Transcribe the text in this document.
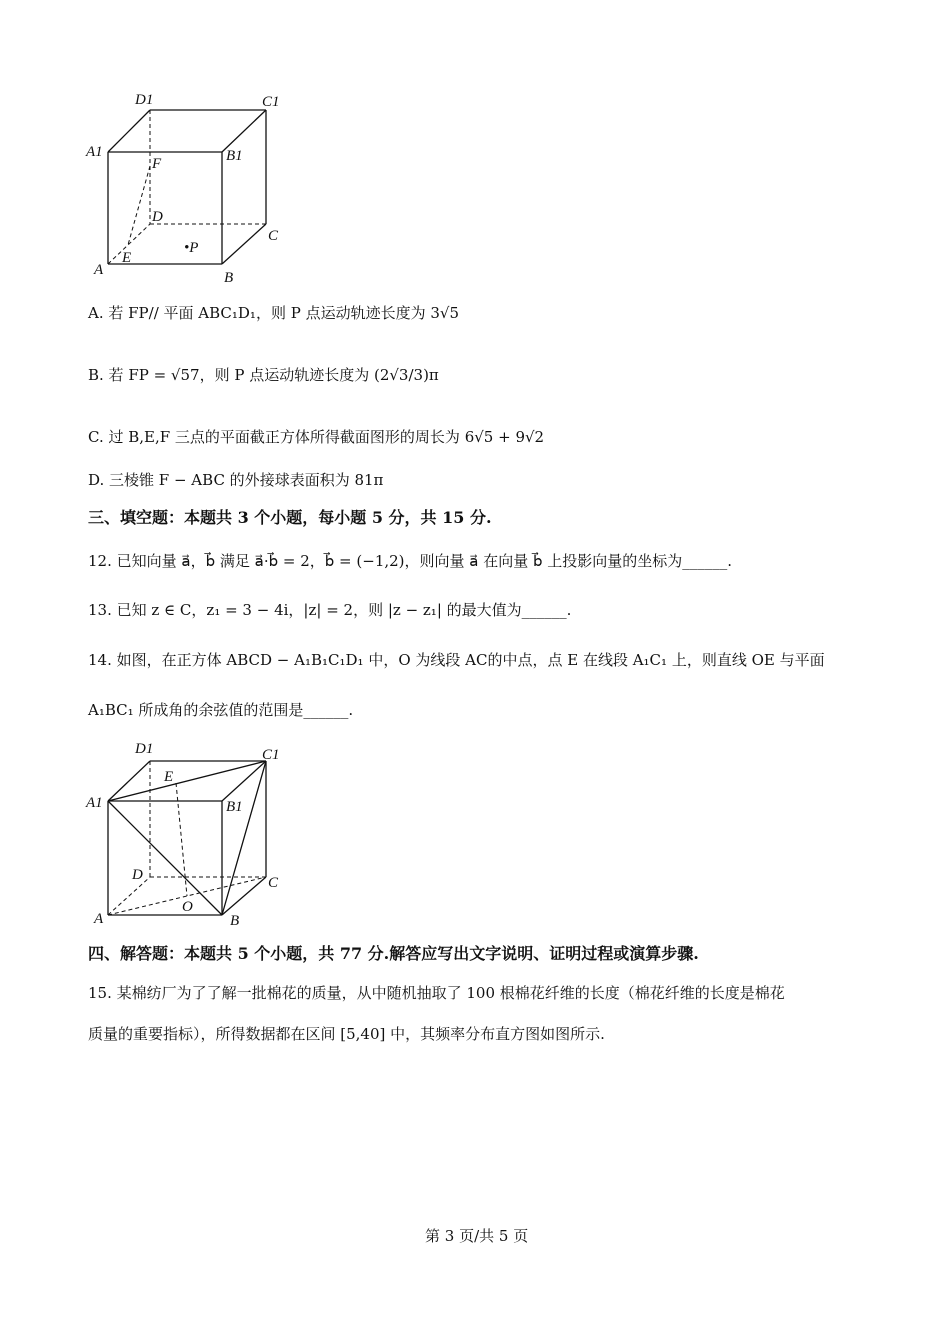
D1	C1
A1	B1
F
D
C
•P
E
A	B
A. 若 FP// 平面 ABC₁D₁，则 P 点运动轨迹长度为 3√5
B. 若 FP = √57，则 P 点运动轨迹长度为 (2√3/3)π
C. 过 B,E,F 三点的平面截正方体所得截面图形的周长为 6√5 + 9√2
D. 三棱锥 F − ABC 的外接球表面积为 81π
三、填空题：本题共 3 个小题，每小题 5 分，共 15 分.
12. 已知向量 a⃗，b⃗ 满足 a⃗·b⃗ = 2，b⃗ = (−1,2)，则向量 a⃗ 在向量 b⃗ 上投影向量的坐标为______.
13. 已知 z ∈ C，z₁ = 3 − 4i，|z| = 2，则 |z − z₁| 的最大值为______.
14. 如图，在正方体 ABCD − A₁B₁C₁D₁ 中，O 为线段 AC的中点，点 E 在线段 A₁C₁ 上，则直线 OE 与平面
A₁BC₁ 所成角的余弦值的范围是______.
D1	C1
E
A1	B1
D	C
O
A	B
四、解答题：本题共 5 个小题，共 77 分.解答应写出文字说明、证明过程或演算步骤.
15. 某棉纺厂为了了解一批棉花的质量，从中随机抽取了 100 根棉花纤维的长度（棉花纤维的长度是棉花
质量的重要指标），所得数据都在区间 [5,40] 中，其频率分布直方图如图所示.
第 3 页/共 5 页
